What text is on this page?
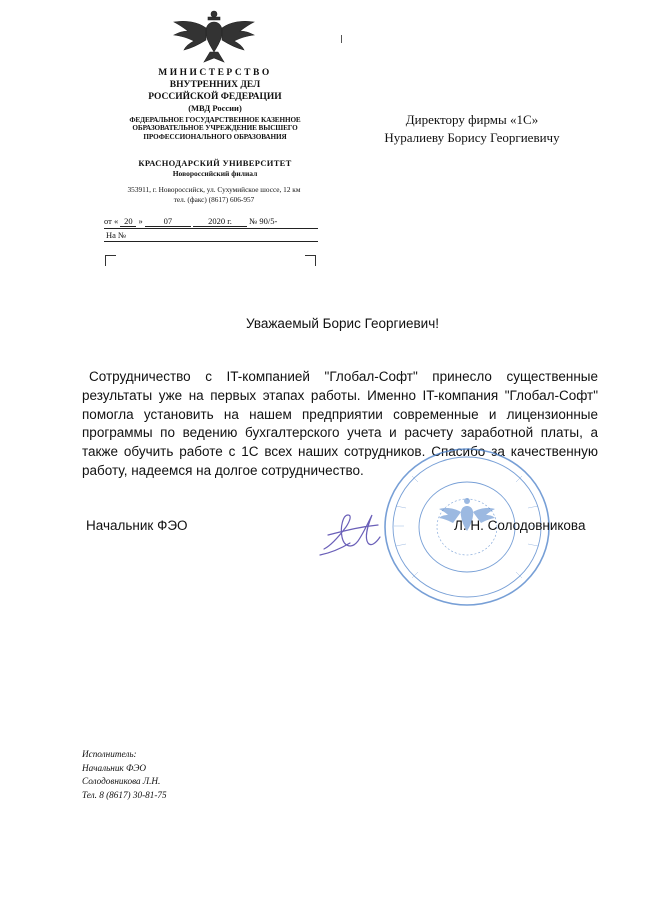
МИНИСТЕРСТВО
ВНУТРЕННИХ ДЕЛ
РОССИЙСКОЙ ФЕДЕРАЦИИ
(МВД России)
ФЕДЕРАЛЬНОЕ ГОСУДАРСТВЕННОЕ КАЗЕННОЕ
ОБРАЗОВАТЕЛЬНОЕ УЧРЕЖДЕНИЕ ВЫСШЕГО
ПРОФЕССИОНАЛЬНОГО ОБРАЗОВАНИЯ
КРАСНОДАРСКИЙ УНИВЕРСИТЕТ
Новороссийский филиал
353911, г. Новороссийск, ул. Сухумийское шоссе, 12 км
тел. (факс) (8617) 606-957
от « 20 » 07	2020 г. № 90/5-
На №
Директору фирмы «1С»
Нуралиеву Борису Георгиевичу
Уважаемый Борис Георгиевич!
Сотрудничество с IT-компанией "Глобал-Софт" принесло существенные результаты уже на первых этапах работы. Именно IT-компания "Глобал-Софт" помогла установить на нашем предприятии современные и лицензионные программы по ведению бухгалтерского учета и расчету заработной платы, а также обучить работе с 1С всех наших сотрудников. Спасибо за качественную работу, надеемся на долгое сотрудничество.
Начальник ФЭО	Л. Н. Солодовникова
Исполнитель:
Начальник ФЭО
Солодовникова Л.Н.
Тел. 8 (8617) 30-81-75
